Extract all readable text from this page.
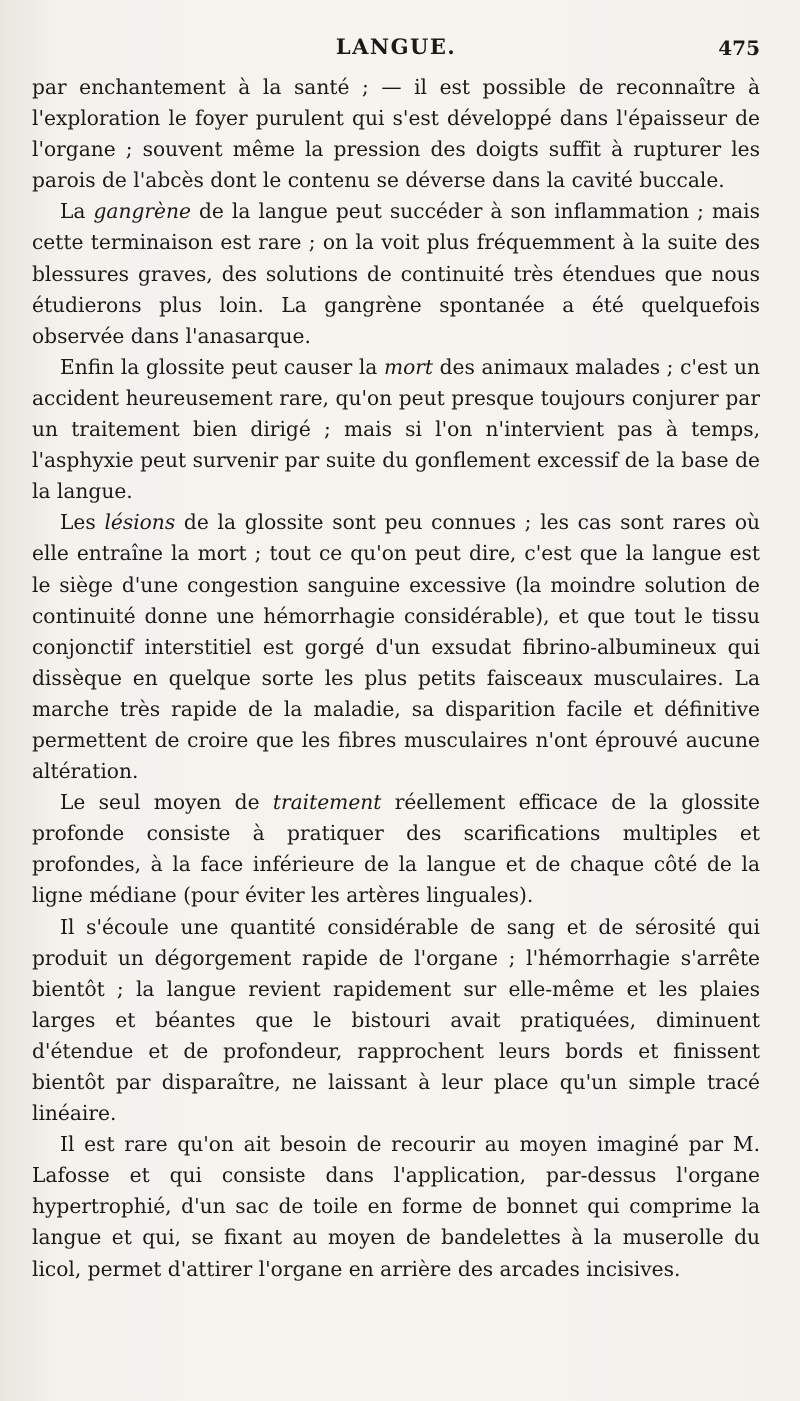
LANGUE.	475

par enchantement à la santé ; — il est possible de reconnaître à l'exploration le foyer purulent qui s'est développé dans l'épaisseur de l'organe ; souvent même la pression des doigts suffit à rupturer les parois de l'abcès dont le contenu se déverse dans la cavité buccale.

La gangrène de la langue peut succéder à son inflammation ; mais cette terminaison est rare ; on la voit plus fréquemment à la suite des blessures graves, des solutions de continuité très étendues que nous étudierons plus loin. La gangrène spontanée a été quelquefois observée dans l'anasarque.

Enfin la glossite peut causer la mort des animaux malades ; c'est un accident heureusement rare, qu'on peut presque toujours conjurer par un traitement bien dirigé ; mais si l'on n'intervient pas à temps, l'asphyxie peut survenir par suite du gonflement excessif de la base de la langue.

Les lésions de la glossite sont peu connues ; les cas sont rares où elle entraîne la mort ; tout ce qu'on peut dire, c'est que la langue est le siège d'une congestion sanguine excessive (la moindre solution de continuité donne une hémorrhagie considérable), et que tout le tissu conjonctif interstitiel est gorgé d'un exsudat fibrino-albumineux qui dissèque en quelque sorte les plus petits faisceaux musculaires. La marche très rapide de la maladie, sa disparition facile et définitive permettent de croire que les fibres musculaires n'ont éprouvé aucune altération.

Le seul moyen de traitement réellement efficace de la glossite profonde consiste à pratiquer des scarifications multiples et profondes, à la face inférieure de la langue et de chaque côté de la ligne médiane (pour éviter les artères linguales).

Il s'écoule une quantité considérable de sang et de sérosité qui produit un dégorgement rapide de l'organe ; l'hémorrhagie s'arrête bientôt ; la langue revient rapidement sur elle-même et les plaies larges et béantes que le bistouri avait pratiquées, diminuent d'étendue et de profondeur, rapprochent leurs bords et finissent bientôt par disparaître, ne laissant à leur place qu'un simple tracé linéaire.

Il est rare qu'on ait besoin de recourir au moyen imaginé par M. Lafosse et qui consiste dans l'application, par-dessus l'organe hypertrophié, d'un sac de toile en forme de bonnet qui comprime la langue et qui, se fixant au moyen de bandelettes à la muserolle du licol, permet d'attirer l'organe en arrière des arcades incisives.
